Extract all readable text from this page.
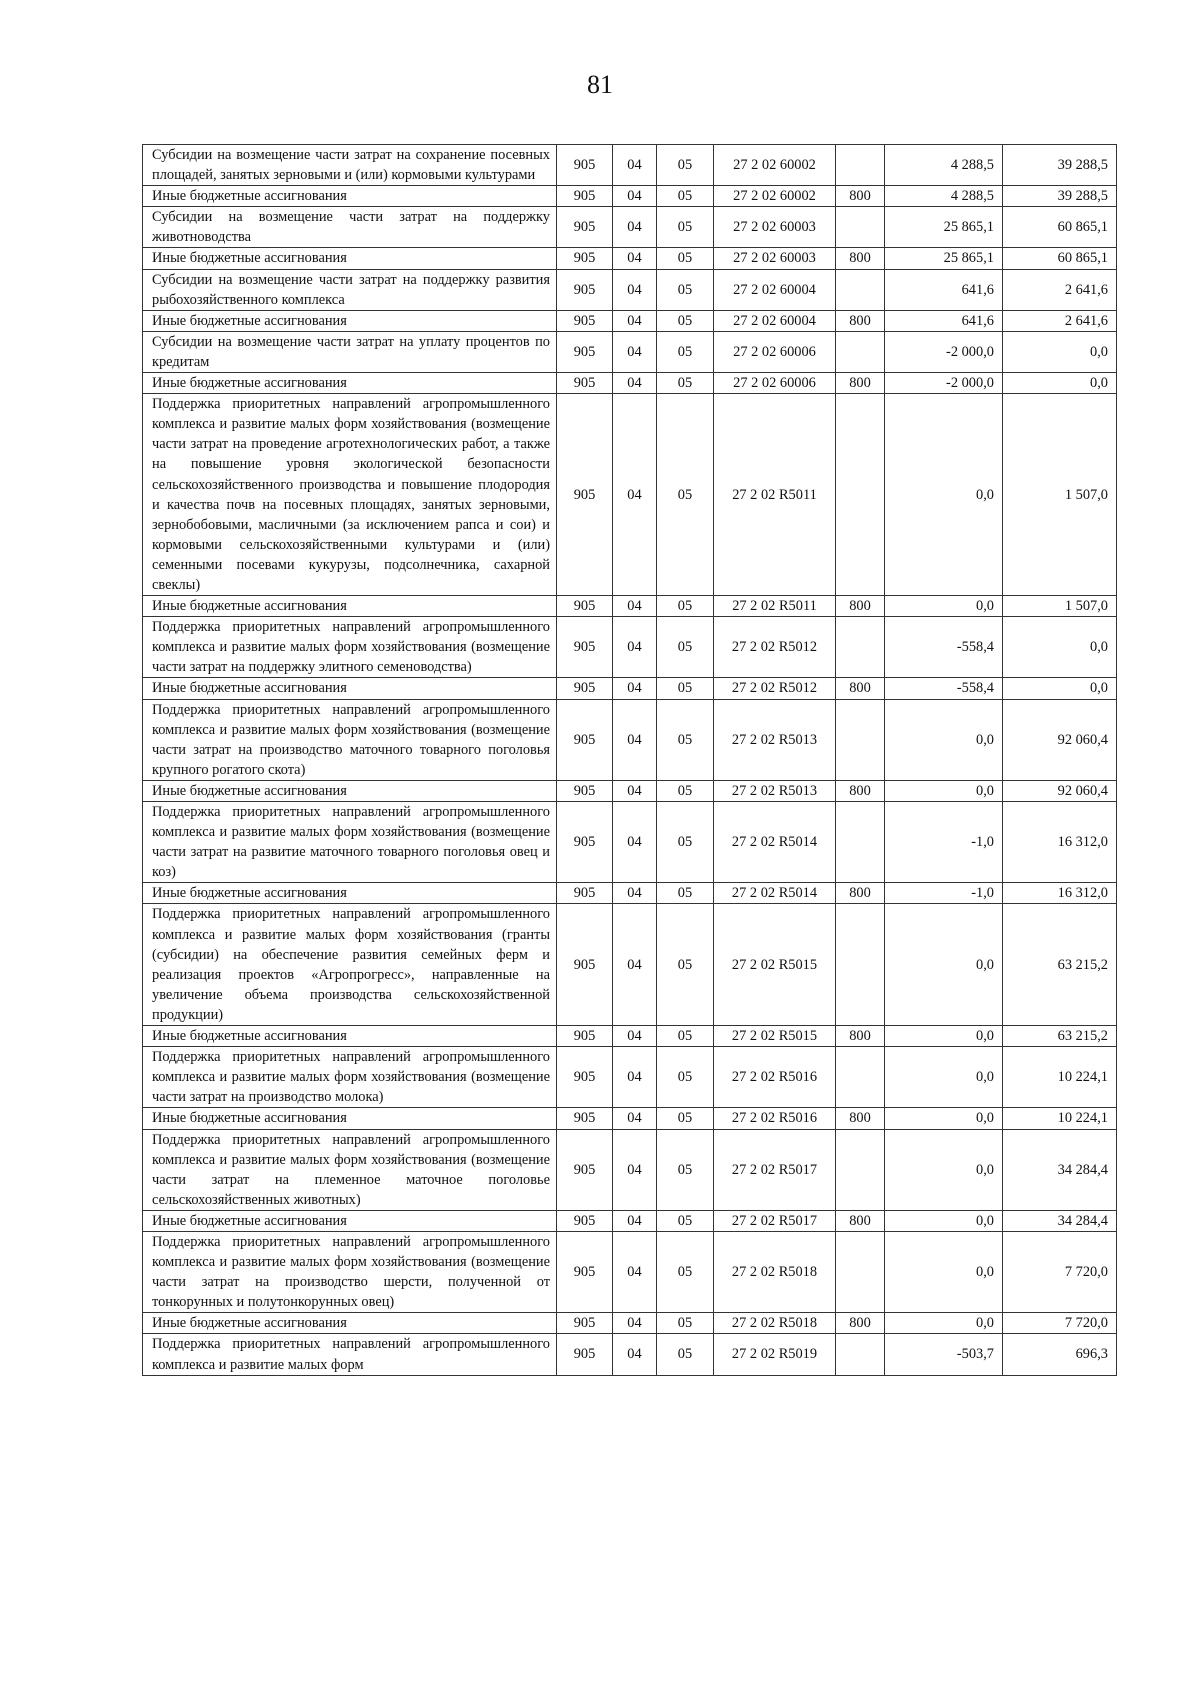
81
Субсидии на возмещение части затрат на сохранение посевных площадей, занятых зерновыми и (или) кормовыми культурами	905	04	05	27 2 02 60002		4 288,5	39 288,5
Иные бюджетные ассигнования	905	04	05	27 2 02 60002	800	4 288,5	39 288,5
Субсидии на возмещение части затрат на поддержку животноводства	905	04	05	27 2 02 60003		25 865,1	60 865,1
Иные бюджетные ассигнования	905	04	05	27 2 02 60003	800	25 865,1	60 865,1
Субсидии на возмещение части затрат на поддержку развития рыбохозяйственного комплекса	905	04	05	27 2 02 60004		641,6	2 641,6
Иные бюджетные ассигнования	905	04	05	27 2 02 60004	800	641,6	2 641,6
Субсидии на возмещение части затрат на уплату процентов по кредитам	905	04	05	27 2 02 60006		-2 000,0	0,0
Иные бюджетные ассигнования	905	04	05	27 2 02 60006	800	-2 000,0	0,0
Поддержка приоритетных направлений агропромышленного комплекса и развитие малых форм хозяйствования (возмещение части затрат на проведение агротехнологических работ, а также на повышение уровня экологической безопасности сельскохозяйственного производства и повышение плодородия и качества почв на посевных площадях, занятых зерновыми, зернобобовыми, масличными (за исключением рапса и сои) и кормовыми сельскохозяйственными культурами и (или) семенными посевами кукурузы, подсолнечника, сахарной свеклы)	905	04	05	27 2 02 R5011		0,0	1 507,0
Иные бюджетные ассигнования	905	04	05	27 2 02 R5011	800	0,0	1 507,0
Поддержка приоритетных направлений агропромышленного комплекса и развитие малых форм хозяйствования (возмещение части затрат на поддержку элитного семеноводства)	905	04	05	27 2 02 R5012		-558,4	0,0
Иные бюджетные ассигнования	905	04	05	27 2 02 R5012	800	-558,4	0,0
Поддержка приоритетных направлений агропромышленного комплекса и развитие малых форм хозяйствования (возмещение части затрат на производство маточного товарного поголовья крупного рогатого скота)	905	04	05	27 2 02 R5013		0,0	92 060,4
Иные бюджетные ассигнования	905	04	05	27 2 02 R5013	800	0,0	92 060,4
Поддержка приоритетных направлений агропромышленного комплекса и развитие малых форм хозяйствования (возмещение части затрат на развитие маточного товарного поголовья овец и коз)	905	04	05	27 2 02 R5014		-1,0	16 312,0
Иные бюджетные ассигнования	905	04	05	27 2 02 R5014	800	-1,0	16 312,0
Поддержка приоритетных направлений агропромышленного комплекса и развитие малых форм хозяйствования (гранты (субсидии) на обеспечение развития семейных ферм и реализация проектов «Агропрогресс», направленные на увеличение объема производства сельскохозяйственной продукции)	905	04	05	27 2 02 R5015		0,0	63 215,2
Иные бюджетные ассигнования	905	04	05	27 2 02 R5015	800	0,0	63 215,2
Поддержка приоритетных направлений агропромышленного комплекса и развитие малых форм хозяйствования (возмещение части затрат на производство молока)	905	04	05	27 2 02 R5016		0,0	10 224,1
Иные бюджетные ассигнования	905	04	05	27 2 02 R5016	800	0,0	10 224,1
Поддержка приоритетных направлений агропромышленного комплекса и развитие малых форм хозяйствования (возмещение части затрат на племенное маточное поголовье сельскохозяйственных животных)	905	04	05	27 2 02 R5017		0,0	34 284,4
Иные бюджетные ассигнования	905	04	05	27 2 02 R5017	800	0,0	34 284,4
Поддержка приоритетных направлений агропромышленного комплекса и развитие малых форм хозяйствования (возмещение части затрат на производство шерсти, полученной от тонкорунных и полутонкорунных овец)	905	04	05	27 2 02 R5018		0,0	7 720,0
Иные бюджетные ассигнования	905	04	05	27 2 02 R5018	800	0,0	7 720,0
Поддержка приоритетных направлений агропромышленного комплекса и развитие малых форм	905	04	05	27 2 02 R5019		-503,7	696,3
